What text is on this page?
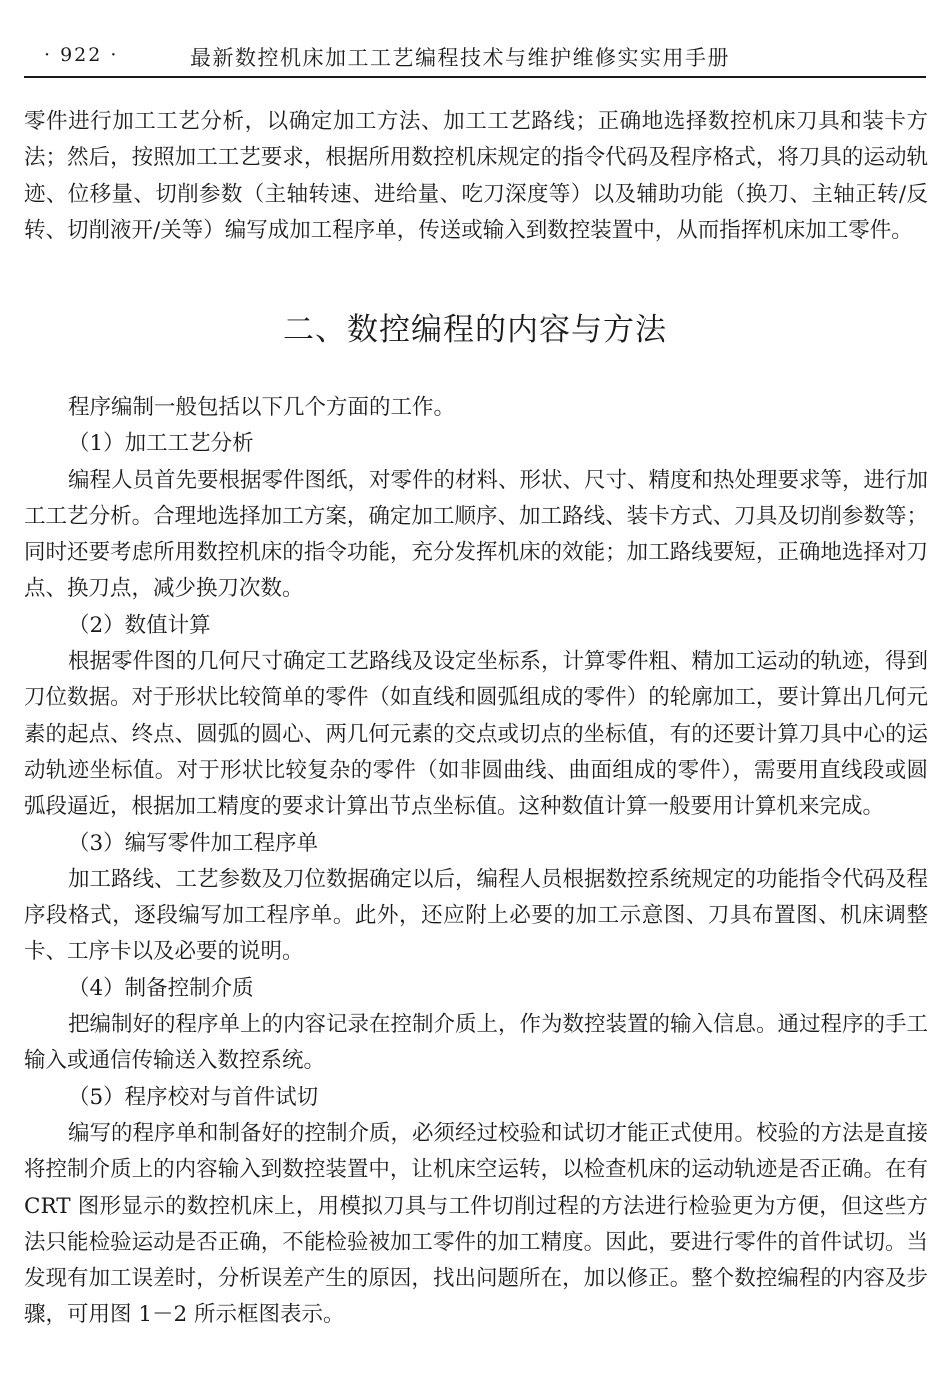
· 922 ·	最新数控机床加工工艺编程技术与维护维修实实用手册

零件进行加工工艺分析，以确定加工方法、加工工艺路线；正确地选择数控机床刀具和装卡方法；然后，按照加工工艺要求，根据所用数控机床规定的指令代码及程序格式，将刀具的运动轨迹、位移量、切削参数（主轴转速、进给量、吃刀深度等）以及辅助功能（换刀、主轴正转/反转、切削液开/关等）编写成加工程序单，传送或输入到数控装置中，从而指挥机床加工零件。

二、数控编程的内容与方法

程序编制一般包括以下几个方面的工作。

（1）加工工艺分析

编程人员首先要根据零件图纸，对零件的材料、形状、尺寸、精度和热处理要求等，进行加工工艺分析。合理地选择加工方案，确定加工顺序、加工路线、装卡方式、刀具及切削参数等；同时还要考虑所用数控机床的指令功能，充分发挥机床的效能；加工路线要短，正确地选择对刀点、换刀点，减少换刀次数。

（2）数值计算

根据零件图的几何尺寸确定工艺路线及设定坐标系，计算零件粗、精加工运动的轨迹，得到刀位数据。对于形状比较简单的零件（如直线和圆弧组成的零件）的轮廓加工，要计算出几何元素的起点、终点、圆弧的圆心、两几何元素的交点或切点的坐标值，有的还要计算刀具中心的运动轨迹坐标值。对于形状比较复杂的零件（如非圆曲线、曲面组成的零件），需要用直线段或圆弧段逼近，根据加工精度的要求计算出节点坐标值。这种数值计算一般要用计算机来完成。

（3）编写零件加工程序单

加工路线、工艺参数及刀位数据确定以后，编程人员根据数控系统规定的功能指令代码及程序段格式，逐段编写加工程序单。此外，还应附上必要的加工示意图、刀具布置图、机床调整卡、工序卡以及必要的说明。

（4）制备控制介质

把编制好的程序单上的内容记录在控制介质上，作为数控装置的输入信息。通过程序的手工输入或通信传输送入数控系统。

（5）程序校对与首件试切

编写的程序单和制备好的控制介质，必须经过校验和试切才能正式使用。校验的方法是直接将控制介质上的内容输入到数控装置中，让机床空运转，以检查机床的运动轨迹是否正确。在有 CRT 图形显示的数控机床上，用模拟刀具与工件切削过程的方法进行检验更为方便，但这些方法只能检验运动是否正确，不能检验被加工零件的加工精度。因此，要进行零件的首件试切。当发现有加工误差时，分析误差产生的原因，找出问题所在，加以修正。整个数控编程的内容及步骤，可用图 1－2 所示框图表示。
